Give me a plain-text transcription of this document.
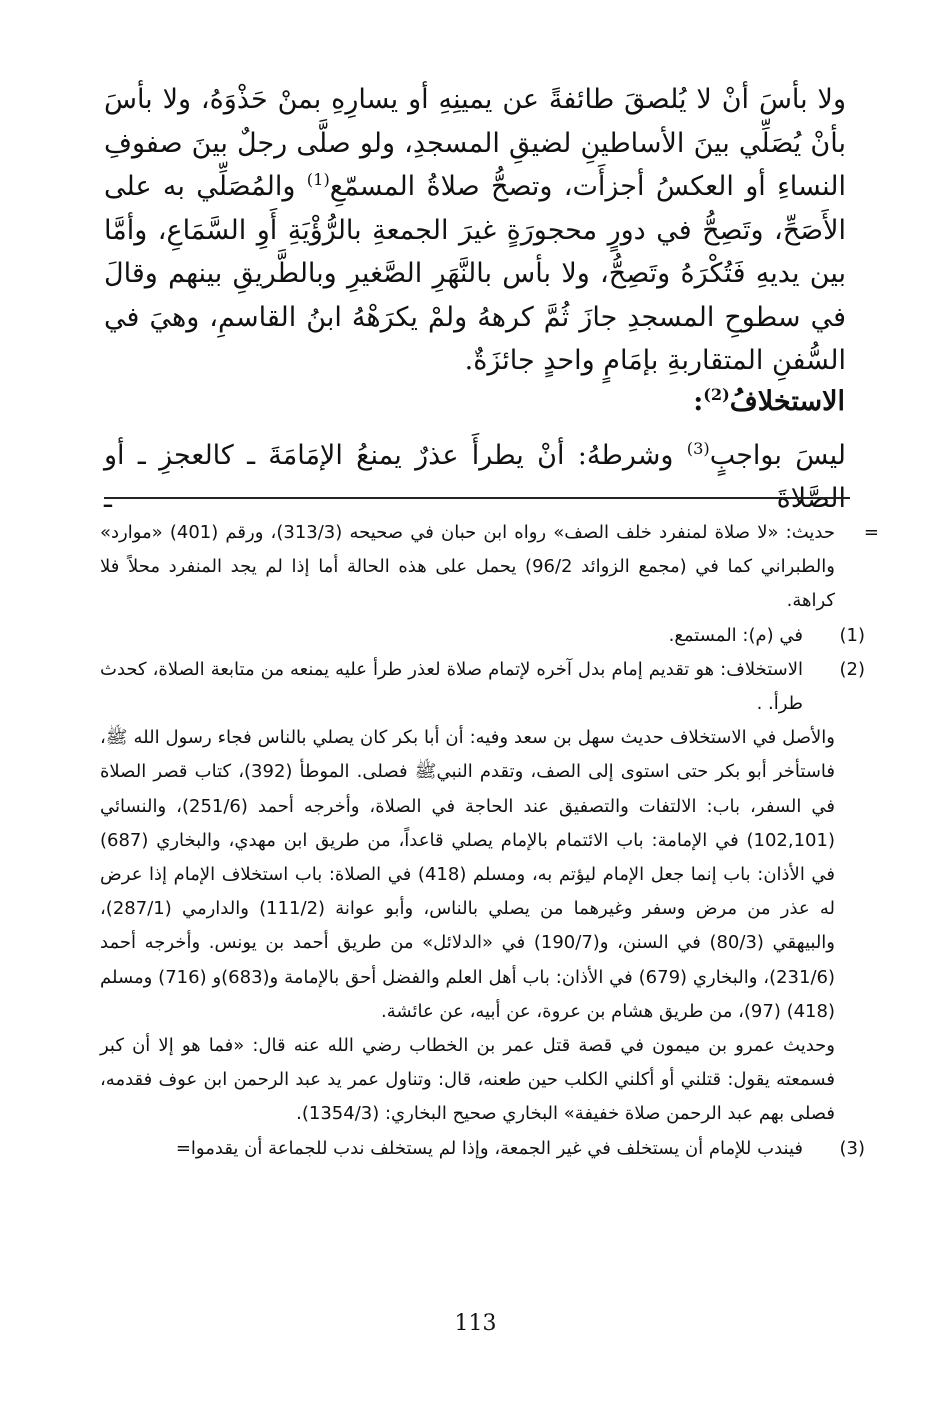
ولا بأسَ أنْ لا يُلصقَ طائفةً عن يمينِهِ أو يسارِهِ بمنْ حَذْوَهُ، ولا بأسَ بأنْ يُصَلِّي بينَ الأساطينِ لضيقِ المسجدِ، ولو صلَّى رجلٌ بينَ صفوفِ النساءِ أو العكسُ أجزأَت، وتصحُّ صلاةُ المسمّعِ$^{(1)}$ والمُصَلِّي به على الأَصَحِّ، وتَصِحُّ في دورٍ محجورَةٍ غيرَ الجمعةِ بالرُّؤْيَةِ أَوِ السَّمَاعِ، وأمَّا بين يديهِ فَتُكْرَهُ وتَصِحُّ، ولا بأس بالنَّهَرِ الصَّغيرِ وبالطَّريقِ بينهم وقالَ في سطوحِ المسجدِ جازَ ثُمَّ كرههُ ولمْ يكرَهْهُ ابنُ القاسمِ، وهيَ في السُّفنِ المتقاربةِ بإمَامٍ واحدٍ جائزَةٌ.

الاستخلافُ$^{(2)}$:
ليسَ بواجبٍ$^{(3)}$ وشرطهُ: أنْ يطرأَ عذرٌ يمنعُ الإمَامَةَ ـ كالعجزِ ـ أو الصَّلاةَ ـ
=
حديث: «لا صلاة لمنفرد خلف الصف» رواه ابن حبان في صحيحه (313/3)، ورقم (401) «موارد» والطبراني كما في (مجمع الزوائد 96/2) يحمل على هذه الحالة أما إذا لم يجد المنفرد محلاً فلا كراهة.
(1)
في (م): المستمع.
(2)
الاستخلاف: هو تقديم إمام بدل آخره لإتمام صلاة لعذر طرأ عليه يمنعه من متابعة الصلاة، كحدث طرأ. .
والأصل في الاستخلاف حديث سهل بن سعد وفيه: أن أبا بكر كان يصلي بالناس فجاء رسول الله ﷺ، فاستأخر أبو بكر حتى استوى إلى الصف، وتقدم النبيﷺ فصلى. الموطأ (392)، كتاب قصر الصلاة في السفر، باب: الالتفات والتصفيق عند الحاجة في الصلاة، وأخرجه أحمد (251/6)، والنسائي (102,101) في الإمامة: باب الائتمام بالإمام يصلي قاعداً، من طريق ابن مهدي، والبخاري (687) في الأذان: باب إنما جعل الإمام ليؤتم به، ومسلم (418) في الصلاة: باب استخلاف الإمام إذا عرض له عذر من مرض وسفر وغيرهما من يصلي بالناس، وأبو عوانة (111/2) والدارمي (287/1)، والبيهقي (80/3) في السنن، و(190/7) في «الدلائل» من طريق أحمد بن يونس. وأخرجه أحمد (231/6)، والبخاري (679) في الأذان: باب أهل العلم والفضل أحق بالإمامة و(683)و (716) ومسلم (418) (97)، من طريق هشام بن عروة، عن أبيه، عن عائشة.
وحديث عمرو بن ميمون في قصة قتل عمر بن الخطاب رضي الله عنه قال: «فما هو إلا أن كبر فسمعته يقول: قتلني أو أكلني الكلب حين طعنه، قال: وتناول عمر يد عبد الرحمن ابن عوف فقدمه، فصلى بهم عبد الرحمن صلاة خفيفة» البخاري صحيح البخاري: (1354/3).
(3)
فيندب للإمام أن يستخلف في غير الجمعة، وإذا لم يستخلف ندب للجماعة أن يقدموا=
113
